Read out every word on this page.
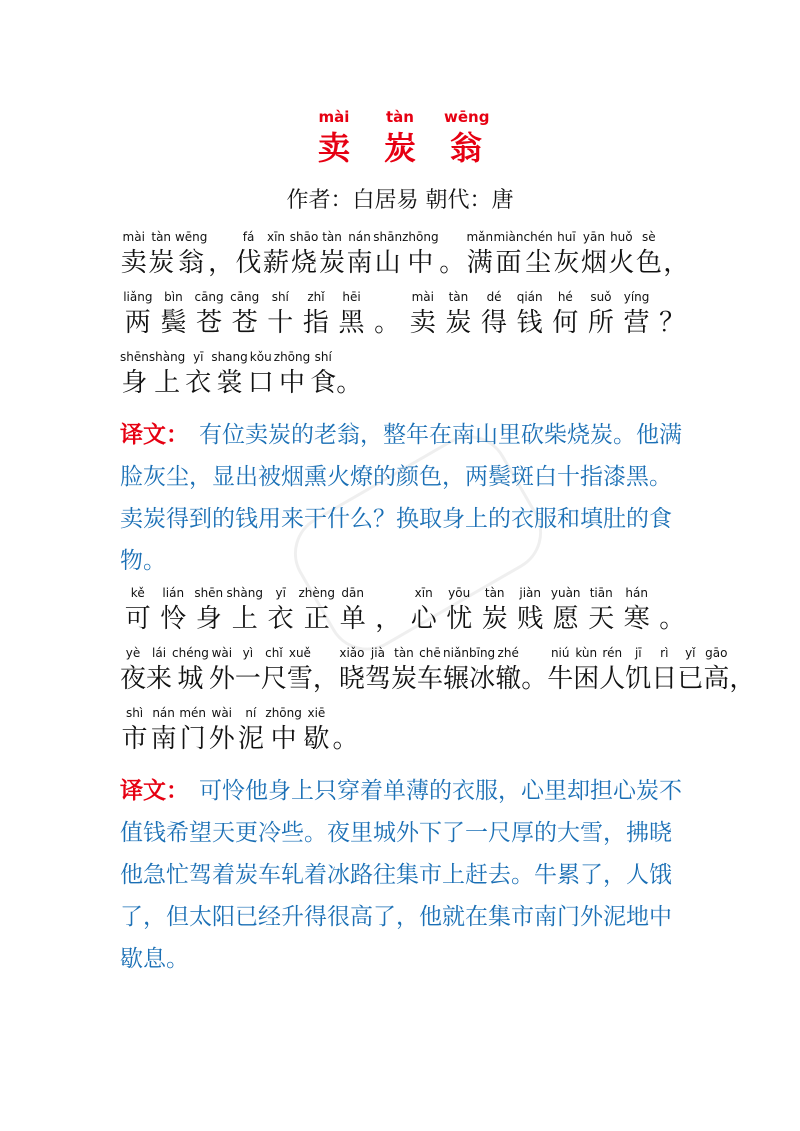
mài	tàn	wēng
卖 炭 翁
作者：白居易 朝代：唐
mài
卖
tàn
炭
wēng
翁 ，
fá
伐
xīn
薪
shāo
烧
tàn
炭
nán
南
shān
山
zhōng
中 。
mǎn
满
miàn
面
chén
尘
huī
灰
yān
烟
huǒ
火
sè
色 ，
liǎng
两
bìn
鬓
cāng
苍
cāng
苍
shí
十
zhǐ
指
hēi
黑 。
mài
卖
tàn
炭
dé
得
qián
钱
hé
何
suǒ
所
yíng
营 ？
shēn
身
shàng
上
yī
衣
shang
裳
kǒu
口
zhōng
中
shí
食 。
译文： 有位卖炭的老翁，整年在南山里砍柴烧炭。他满脸灰尘，显出被烟熏火燎的颜色，两鬓斑白十指漆黑。卖炭得到的钱用来干什么？换取身上的衣服和填肚的食物。
kě
可
lián
怜
shēn
身
shàng
上
yī
衣
zhèng
正
dān
单 ，
xīn
心
yōu
忧
tàn
炭
jiàn
贱
yuàn
愿
tiān
天
hán
寒 。
yè
夜
lái
来
chéng
城
wài
外
yì
一
chǐ
尺
xuě
雪 ，
xiǎo
晓
jià
驾
tàn
炭
chē
车
niǎn
辗
bīng
冰
zhé
辙 。
niú
牛
kùn
困
rén
人
jī
饥
rì
日
yǐ
已
gāo
高 ，
shì
市
nán
南
mén
门
wài
外
ní
泥
zhōng
中
xiē
歇 。
译文： 可怜他身上只穿着单薄的衣服，心里却担心炭不值钱希望天更冷些。夜里城外下了一尺厚的大雪，拂晓他急忙驾着炭车轧着冰路往集市上赶去。牛累了，人饿了，但太阳已经升得很高了，他就在集市南门外泥地中歇息。
